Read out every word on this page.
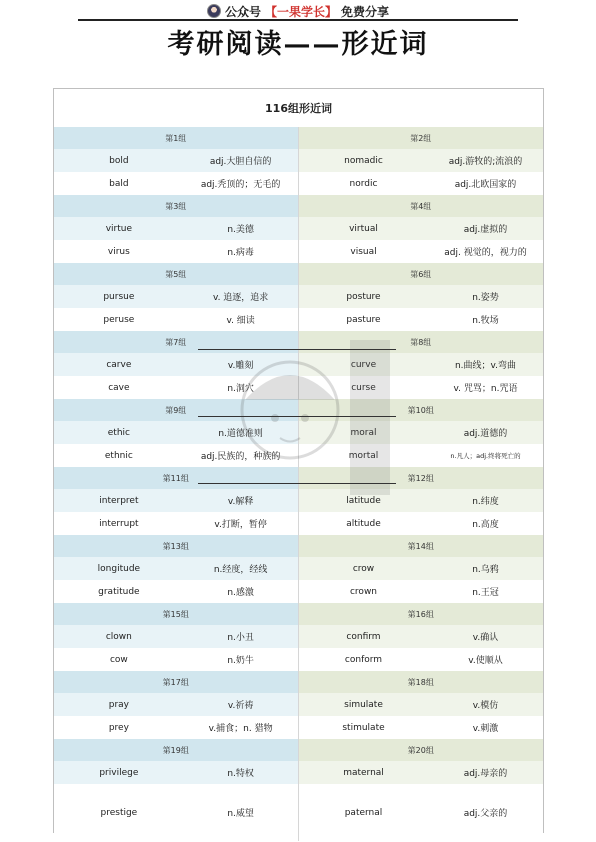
公众号 【一果学长】 免费分享
考研阅读——形近词
116组形近词
第1组	第2组
bold	adj.大胆自信的	nomadic	adj.游牧的;流浪的
bald	adj.秃顶的；无毛的	nordic	adj.北欧国家的
第3组	第4组
virtue	n.美德	virtual	adj.虚拟的
virus	n.病毒	visual	adj. 视觉的，视力的
第5组	第6组
pursue	v. 追逐，追求	posture	n.姿势
peruse	v. 细读	pasture	n.牧场
第7组	第8组
carve	v.雕刻	curve	n.曲线；v.弯曲
cave	n.洞穴	curse	v. 咒骂；n.咒语
第9组	第10组
ethic	n.道德准则	moral	adj.道德的
ethnic	adj.民族的，种族的	mortal	n.凡人；adj.终将死亡的
第11组	第12组
interpret	v.解释	latitude	n.纬度
interrupt	v.打断，暂停	altitude	n.高度
第13组	第14组
longitude	n.经度，经线	crow	n.乌鸦
gratitude	n.感激	crown	n.王冠
第15组	第16组
clown	n.小丑	confirm	v.确认
cow	n.奶牛	conform	v.使顺从
第17组	第18组
pray	v.祈祷	simulate	v.模仿
prey	v.捕食；n. 猎物	stimulate	v.刺激
第19组	第20组
privilege	n.特权	maternal	adj.母亲的
prestige	n.威望	paternal	adj.父亲的
